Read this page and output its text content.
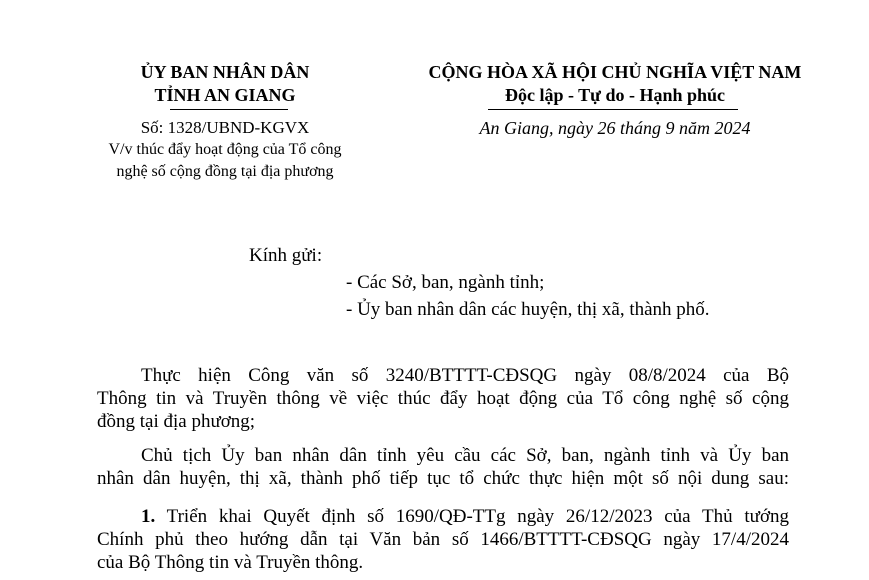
ỦY BAN NHÂN DÂN
TỈNH AN GIANG
Số: 1328/UBND-KGVX
V/v thúc đẩy hoạt động của Tổ công
nghệ số cộng đồng tại địa phương
CỘNG HÒA XÃ HỘI CHỦ NGHĨA VIỆT NAM
Độc lập - Tự do - Hạnh phúc
An Giang, ngày 26 tháng 9 năm 2024
Kính gửi:
- Các Sở, ban, ngành tỉnh;
- Ủy ban nhân dân các huyện, thị xã, thành phố.
Thực hiện Công văn số 3240/BTTTT-CĐSQG ngày 08/8/2024 của Bộ
Thông tin và Truyền thông về việc thúc đẩy hoạt động của Tổ công nghệ số cộng
đồng tại địa phương;
Chủ tịch Ủy ban nhân dân tỉnh yêu cầu các Sở, ban, ngành tỉnh và Ủy ban
nhân dân huyện, thị xã, thành phố tiếp tục tổ chức thực hiện một số nội dung sau:
1. Triển khai Quyết định số 1690/QĐ-TTg ngày 26/12/2023 của Thủ tướng
Chính phủ theo hướng dẫn tại Văn bản số 1466/BTTTT-CĐSQG ngày 17/4/2024
của Bộ Thông tin và Truyền thông.
